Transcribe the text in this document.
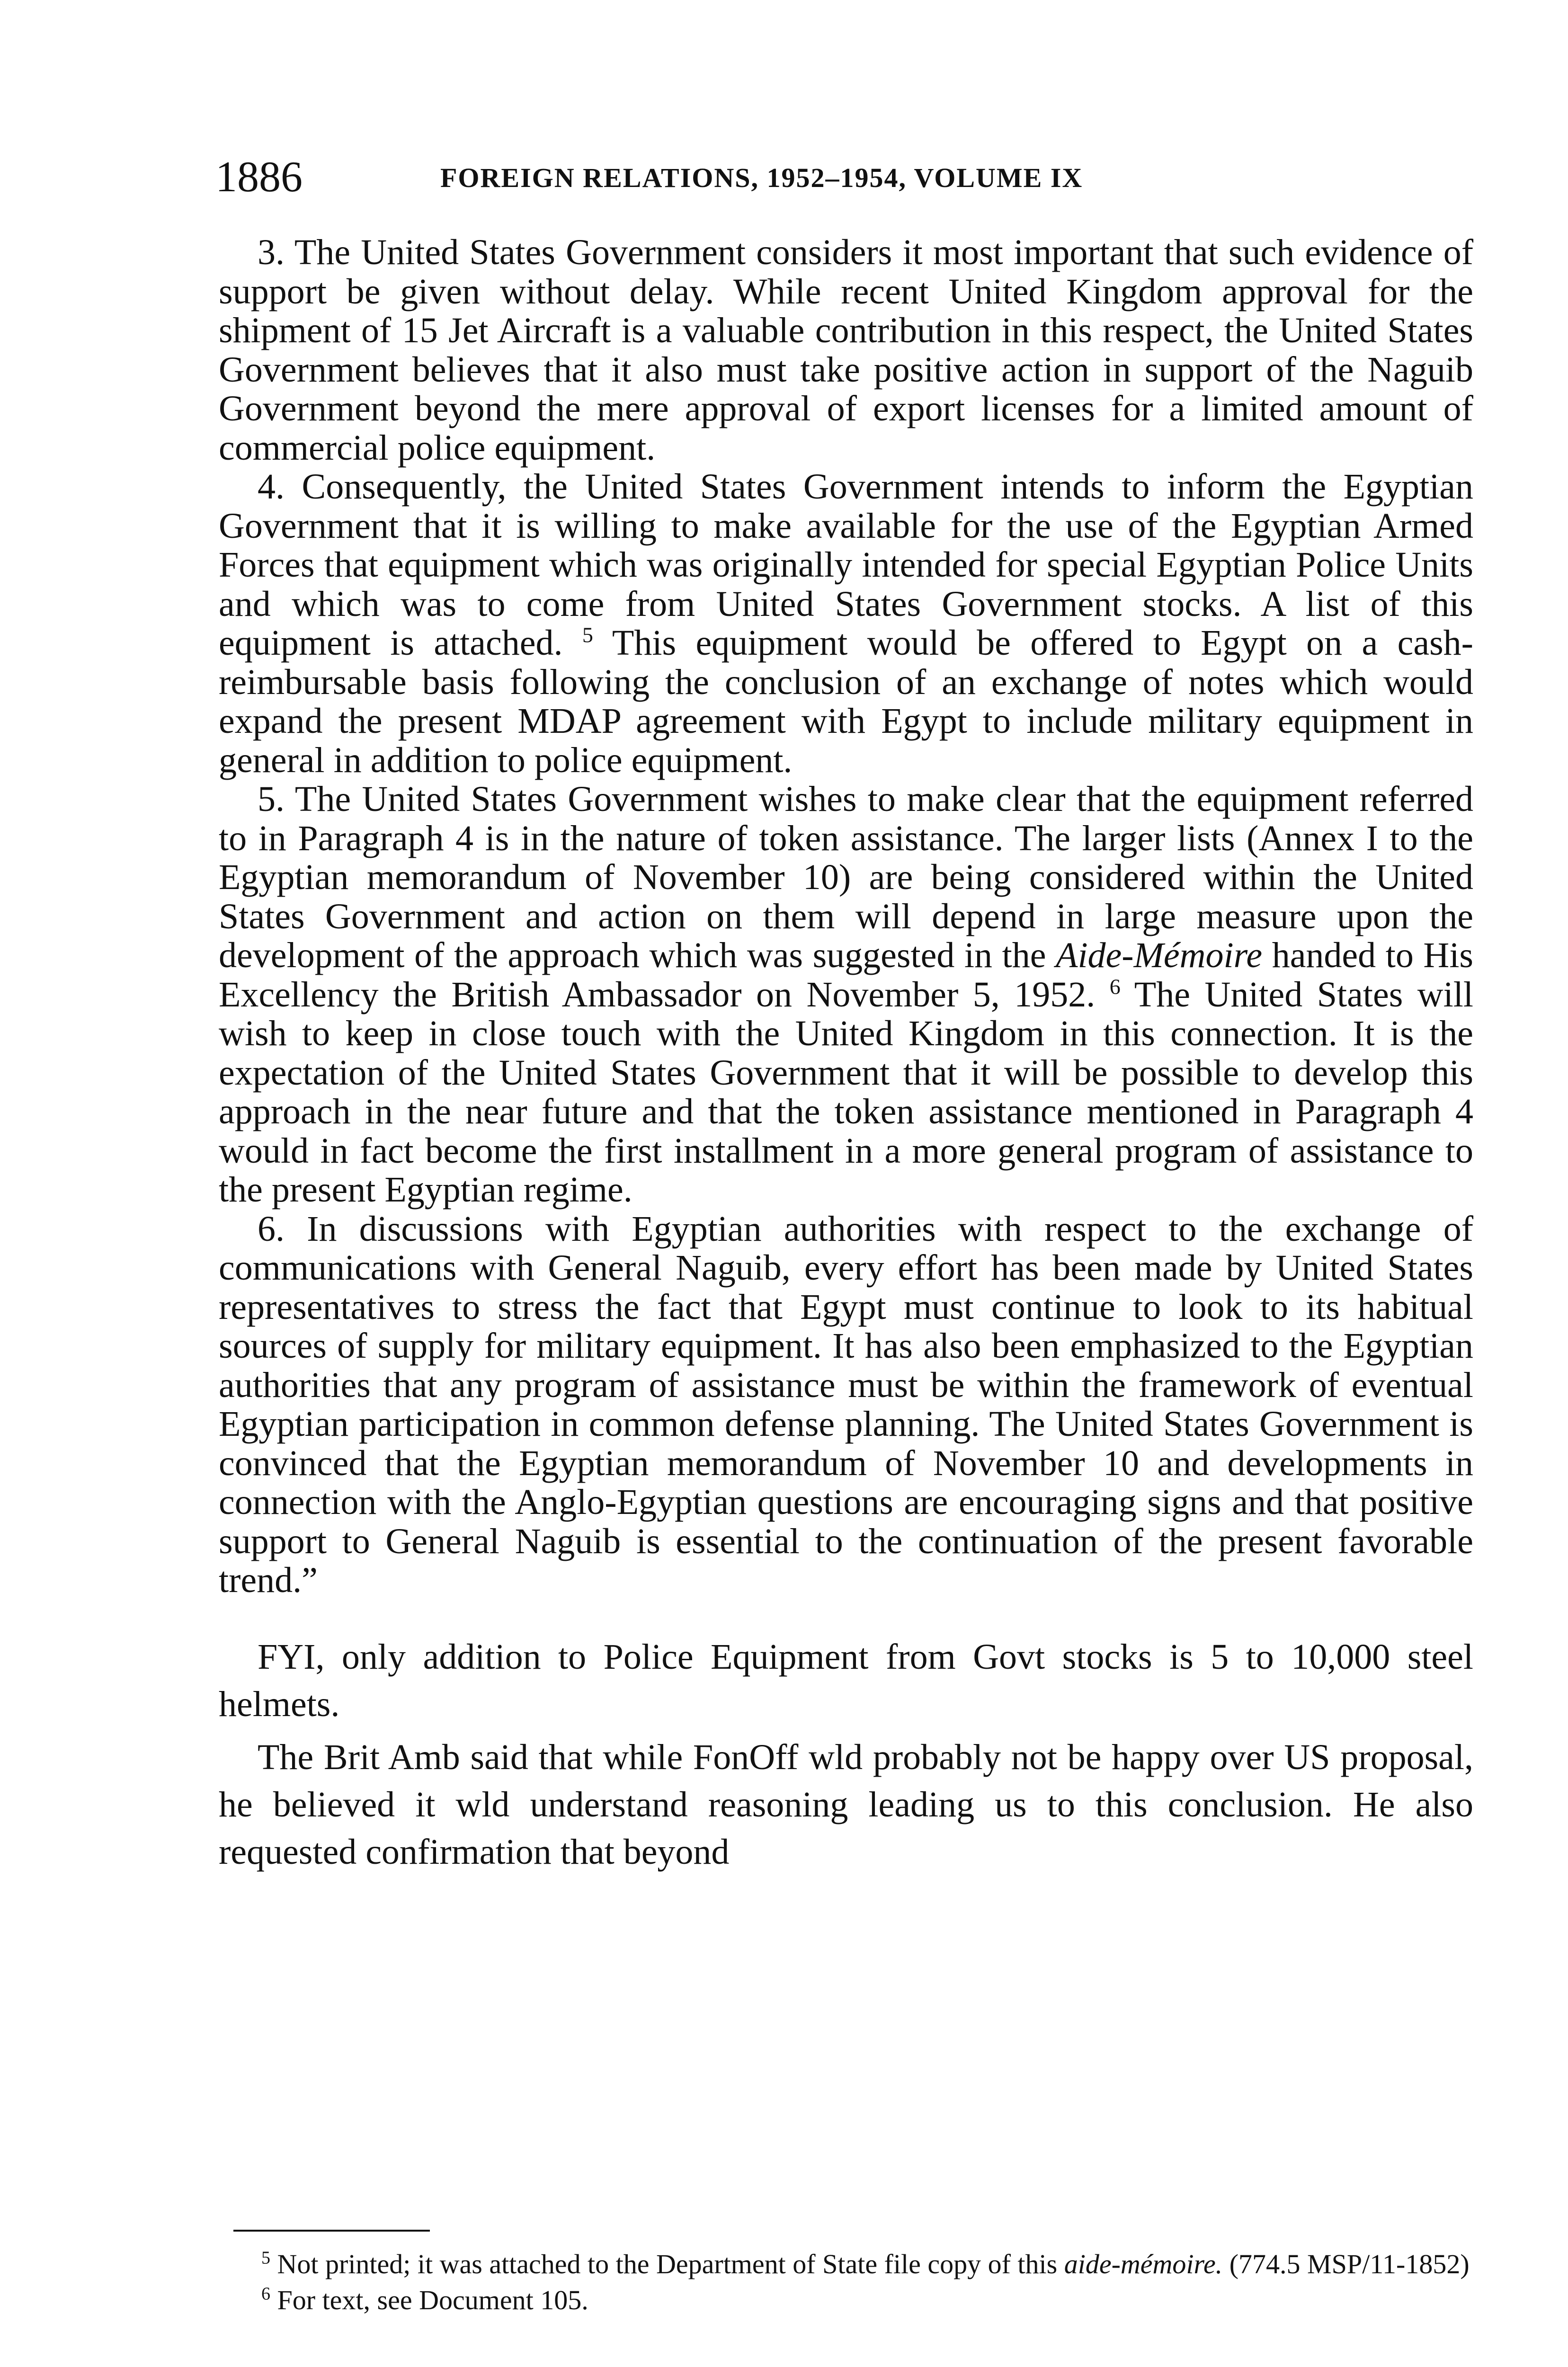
1886	FOREIGN RELATIONS, 1952–1954, VOLUME IX

3. The United States Government considers it most important that such evidence of support be given without delay. While recent United Kingdom approval for the shipment of 15 Jet Aircraft is a valuable contribution in this respect, the United States Government believes that it also must take positive action in support of the Naguib Government beyond the mere approval of export licenses for a limited amount of commercial police equipment.

4. Consequently, the United States Government intends to inform the Egyptian Government that it is willing to make available for the use of the Egyptian Armed Forces that equipment which was originally intended for special Egyptian Police Units and which was to come from United States Government stocks. A list of this equipment is attached. $^5$ This equipment would be offered to Egypt on a cash-reimbursable basis following the conclusion of an exchange of notes which would expand the present MDAP agreement with Egypt to include military equipment in general in addition to police equipment.

5. The United States Government wishes to make clear that the equipment referred to in Paragraph 4 is in the nature of token assistance. The larger lists (Annex I to the Egyptian memorandum of November 10) are being considered within the United States Government and action on them will depend in large measure upon the development of the approach which was suggested in the Aide-Mémoire handed to His Excellency the British Ambassador on November 5, 1952. $^6$ The United States will wish to keep in close touch with the United Kingdom in this connection. It is the expectation of the United States Government that it will be possible to develop this approach in the near future and that the token assistance mentioned in Paragraph 4 would in fact become the first installment in a more general program of assistance to the present Egyptian regime.

6. In discussions with Egyptian authorities with respect to the exchange of communications with General Naguib, every effort has been made by United States representatives to stress the fact that Egypt must continue to look to its habitual sources of supply for military equipment. It has also been emphasized to the Egyptian authorities that any program of assistance must be within the framework of eventual Egyptian participation in common defense planning. The United States Government is convinced that the Egyptian memorandum of November 10 and developments in connection with the Anglo-Egyptian questions are encouraging signs and that positive support to General Naguib is essential to the continuation of the present favorable trend.”

FYI, only addition to Police Equipment from Govt stocks is 5 to 10,000 steel helmets.

The Brit Amb said that while FonOff wld probably not be happy over US proposal, he believed it wld understand reasoning leading us to this conclusion. He also requested confirmation that beyond

$^5$ Not printed; it was attached to the Department of State file copy of this aide-mémoire. (774.5 MSP/11-1852)

$^6$ For text, see Document 105.
